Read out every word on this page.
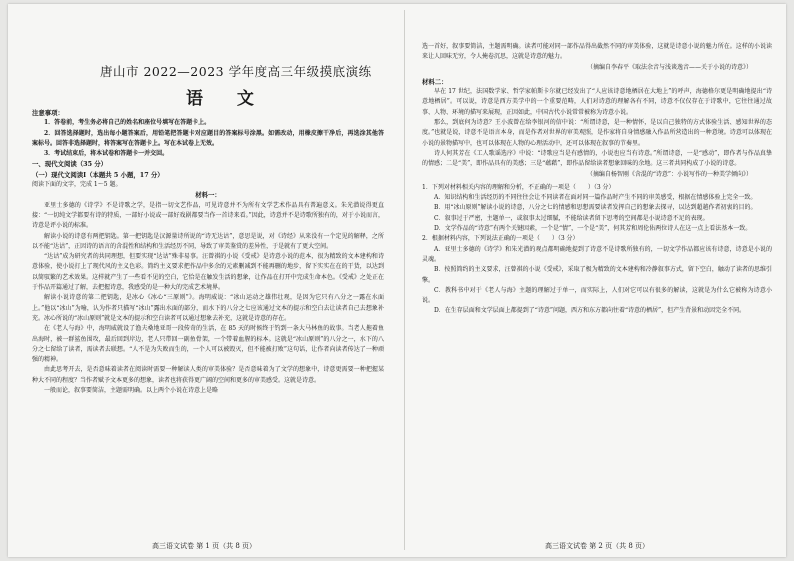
唐山市 2022—2023 学年度高三年级摸底演练
语 文

注意事项：

1．答卷前，考生务必将自己的姓名和座位号填写在答题卡上。

2．回答选择题时，选出每小题答案后，用铅笔把答题卡对应题目的答案标号涂黑。如需改动，用橡皮擦干净后，再选涂其他答案标号。回答非选择题时，将答案写在答题卡上。写在本试卷上无效。

3．考试结束后，将本试卷和答题卡一并交回。

一、现代文阅读（35 分）

（一）现代文阅读Ⅰ（本题共 5 小题，17 分）

阅读下面的文字，完成 1～5 题。

材料一：

亚里士多德的《诗学》不是诗歌之学，是指一切文艺作品，可见诗意并不为所有文学艺术作品具有普遍意义。朱光潜说得更直接：“一切纯文学都要有诗的特质，一部好小说或一部好戏剧都要当作一首诗来看。”因此，诗意并不是诗歌所独有的，对于小说而言，诗意是评小说的标准。

解读小说的诗意有两把钥匙。第一把钥匙是汉源量诗所说的“诗无达诂”，意思是说，对《诗经》从来没有一个定见的解释，之所以不能“达诂”，正因诗的语言的含混性和结构和生活经历不同，导致了审美鉴赏的差异性，于是就有了更大空间。

“达诂”成为研究者的共同理想，但要实现“达诂”殊非易事。汪曾祺的小说《受戒》是诗意小说的范本，很为精致的文本建构和诗意体验，使小说打上了现代风的主义色彩。简约主义要求把作品中多余的元素删减到不能再删的地步，留下实实在在的干货，以达到以简驭繁的艺术效果。这样就产生了一些看不见的空白，它恰是在触发生活的想象，让作品在打开中完成生命本色。《受戒》之处正在于作品开篇通过了解，去把握诗意，我感受的是一种大的完成艺术境界。

解读小说诗意的第二把钥匙，是冰心《冰心“三原则”》。海明威说：“冰山运动之雄伟壮观，是因为它只有八分之一露在水面上。”他以“冰山”为喻，认为作者只描写“冰山”露出水面的部分，而水下的八分之七应该通过文本的提示和空白去让读者自己去想象补充。冰心所说的“冰山原则”就是文本的提示和空白读者可以通过想象去补充，这就是诗意的存在。

在《老人与海》中，海明威就设了渔夫桑地亚哥一段传奇的生活，在 85 天的时候终于钓到一条大马林鱼的故事。当老人拖着鱼出海时，被一群鲨鱼围攻，最后回到岸边，老人只带回一副鱼骨架，一个带着血腥的标本。这就是“冰山原则”的八分之一，水下的八分之七留给了读者，需读者去联想。“人不是为失败而生的，一个人可以被毁灭，但不能被打败”这句话，让作者向读者传达了一种顽强的精神。

由此思考开去，是否意味着读者在阅读时需要一种解读人类的审美体验？是否意味着为了文学的想象中，诗意更需要一种把握某种大不同的程度？当作者赋予文本更多的想象，读者也将获得更广阔的空间和更多的审美感受。这就是诗意。

一般而论，叙事要简洁，主题需明确。以上两个小说在诗意上是略

高三语文试卷 第 1 页（共 8 页）

选一首好，叙事要简洁，主题需明确。读者可能对同一部作品得出截然不同的审美体验，这就是诗意小说的魅力所在。这样的小说读来让人回味无穷，令人掩卷沉思，这就是诗意的魅力。

（摘编自李春平《取法余音与浅谈逸音——关于小说的诗意》）

材料二：

早在 17 世纪，法国数学家、哲学家帕斯卡尔就已经发出了“人应该诗意地栖居在大地上”的呼声，海德格尔更是明确地提出“诗意地栖居”。可以说，诗意是西方美学中的一个重要范畴，人们对诗意的理解各有不同，诗意不仅仅存在于诗歌中，它往往通过故事、人物、环境的描写来展现，正因如此，中国古代小说常常被称为诗意小说。

那么，到底何为诗意？王小波曾在给李银河的信中说：“所谓诗意，是一种情怀，是以自己独特的方式体验生活、感知世界的态度。”也就是说，诗意不是语言本身，而是作者对世界的审美观照，是作家将自身情感融入作品所营造出的一种意境。诗意可以体现在小说的景物描写中，也可以体现在人物的心理活动中，还可以体现在叙事的节奏里。

诗人何其芳在《工人歌谣选序》中说：“诗歌应当是有感情的，小说也应当有诗意。”所谓诗意，一是“感动”，即作者与作品真挚的情感；二是“美”，即作品具有的美感；三是“蕴藉”，即作品留给读者想象回味的余地。这三者共同构成了小说的诗意。

（摘编自杨智刚《含混的“诗意”：小说写作的一种美学倾向》）

1．下列对材料相关内容的理解和分析，不正确的一项是（　　）（3 分）

A．知识结构和生活经历的不同往往会让不同读者在面对同一篇作品时产生不同的审美感受，根据在情感体验上完全一致。

B．用“冰山原则”解读小说的诗意，八分之七的情感和思想需要读者发挥自己的想象去探寻，以达到超越作者初衷的目的。

C．叙事过于严密，主题单一，或叙事太过细腻，不能给读者留下思考的空间都是小说诗意不足的表现。

D．文学作品的“诗意”有两个关键因素，一个是“情”，一个是“美”，何其芳和周伦佑两位诗人在这一点上看法基本一致。

2．根据材料内容，下列说法正确的一项是（　　）（3 分）

A．亚里士多德的《诗学》和朱光潜的观点都明确地提到了诗意不是诗歌所独有的，一切文学作品都应该有诗意，诗意是小说的灵魂。

B．按照简约的主义要求，汪曾祺的小说《受戒》，采取了极为精致的文本建构和冷静叙事方式，留下空白，触动了读者的思维引擎。

C．教科书中对于《老人与海》主题的理解过于单一，而实际上，人们对它可以有很多的解读，这就是为什么它被称为诗意小说。

D．在生存层面和文学层面上都提到了“诗意”问题，西方和东方都向往着“诗意的栖居”，但产生背景和动因完全不同。

高三语文试卷 第 2 页（共 8 页）
